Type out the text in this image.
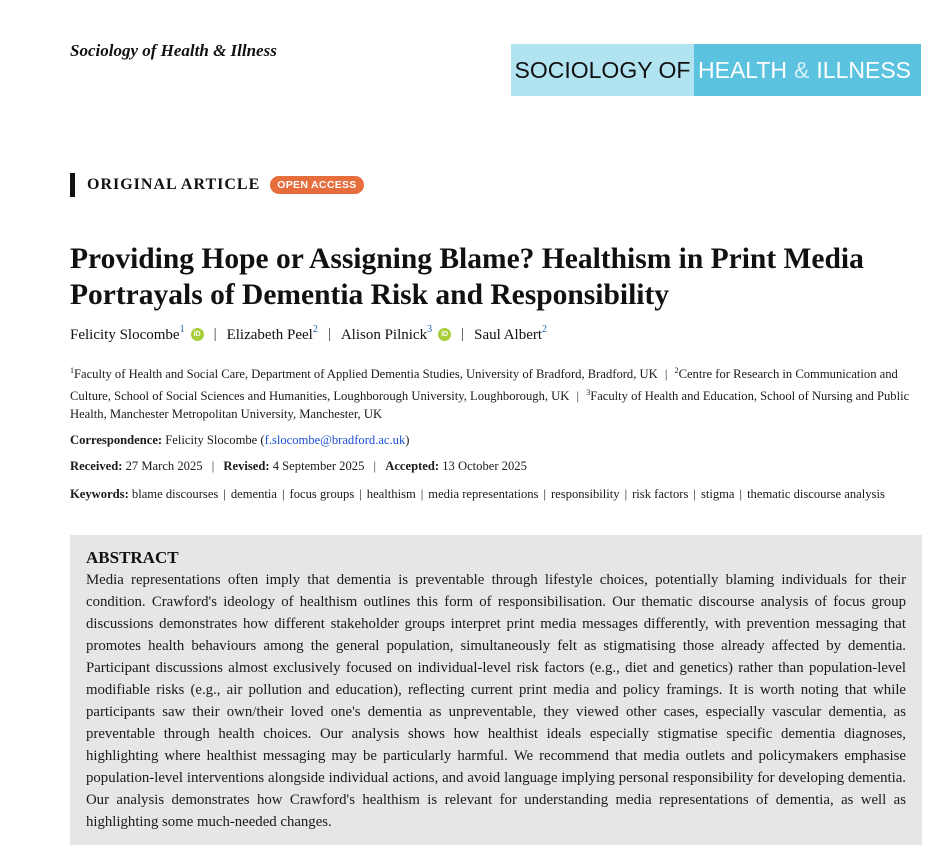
Sociology of Health & Illness
SOCIOLOGY OF HEALTH & ILLNESS
ORIGINAL ARTICLE	OPEN ACCESS
Providing Hope or Assigning Blame? Healthism in Print Media Portrayals of Dementia Risk and Responsibility
Felicity Slocombe$^1$	iD | Elizabeth Peel$^2$ | Alison Pilnick$^3$	iD | Saul Albert$^2$
$^1$Faculty of Health and Social Care, Department of Applied Dementia Studies, University of Bradford, Bradford, UK | $^2$Centre for Research in Communication and Culture, School of Social Sciences and Humanities, Loughborough University, Loughborough, UK | $^3$Faculty of Health and Education, School of Nursing and Public Health, Manchester Metropolitan University, Manchester, UK
Correspondence: Felicity Slocombe (f.slocombe@bradford.ac.uk)
Received: 27 March 2025 | Revised: 4 September 2025 | Accepted: 13 October 2025
Keywords: blame discourses | dementia | focus groups | healthism | media representations | responsibility | risk factors | stigma | thematic discourse analysis
ABSTRACT

Media representations often imply that dementia is preventable through lifestyle choices, potentially blaming individuals for their condition. Crawford's ideology of healthism outlines this form of responsibilisation. Our thematic discourse analysis of focus group discussions demonstrates how different stakeholder groups interpret print media messages differently, with prevention messaging that promotes health behaviours among the general population, simultaneously felt as stigmatising those already affected by dementia. Participant discussions almost exclusively focused on individual-level risk factors (e.g., diet and genetics) rather than population-level modifiable risks (e.g., air pollution and education), reflecting current print media and policy framings. It is worth noting that while participants saw their own/their loved one's dementia as unpreventable, they viewed other cases, especially vascular dementia, as preventable through health choices. Our analysis shows how healthist ideals especially stigmatise specific dementia diagnoses, highlighting where healthist messaging may be particularly harmful. We recommend that media outlets and policymakers emphasise population-level interventions alongside individual actions, and avoid language implying personal responsibility for developing dementia. Our analysis demonstrates how Crawford's healthism is relevant for understanding media representations of dementia, as well as highlighting some much-needed changes.
